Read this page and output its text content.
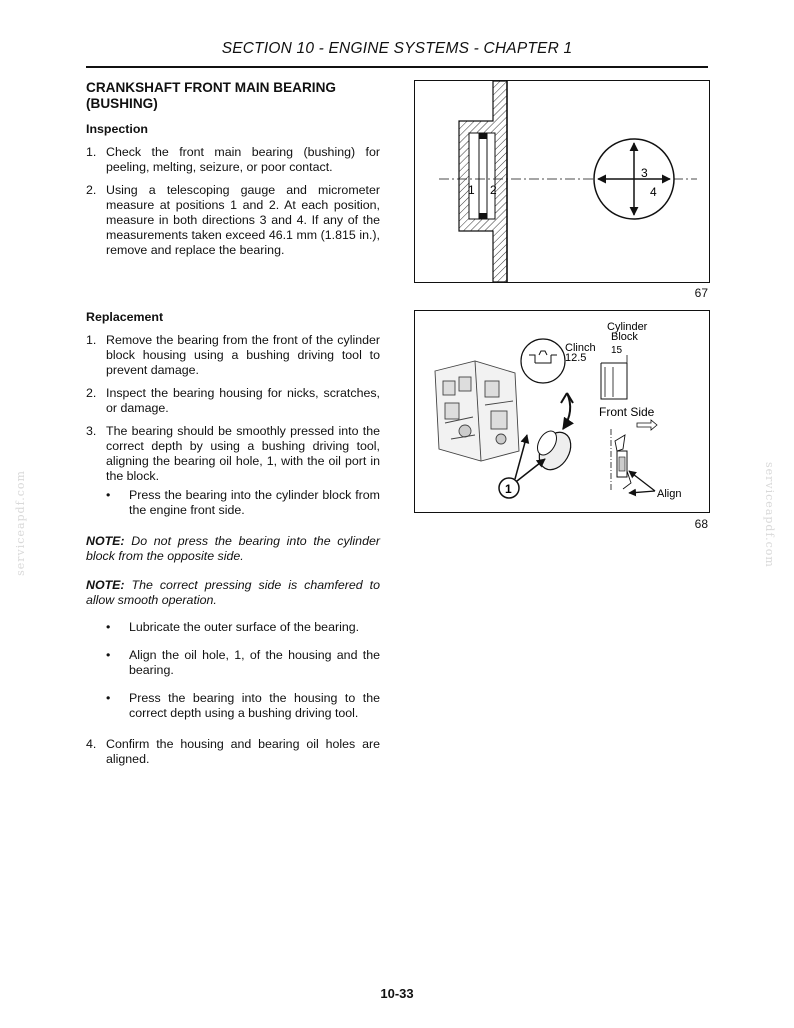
SECTION 10 - ENGINE SYSTEMS - CHAPTER 1

CRANKSHAFT FRONT MAIN BEARING

(BUSHING)

Inspection

1. Check the front main bearing (bushing) for peeling, melting, seizure, or poor contact.

2. Using a telescoping gauge and micrometer measure at positions 1 and 2. At each position, measure in both directions 3 and 4. If any of the measurements taken exceed 46.1 mm (1.815 in.), remove and replace the bearing.

1 2
3
4
67

Replacement

1. Remove the bearing from the front of the cylinder block housing using a bushing driving tool to prevent damage.

2. Inspect the bearing housing for nicks, scratches, or damage.

3. The bearing should be smoothly pressed into the correct depth by using a bushing driving tool, aligning the bearing oil hole, 1, with the oil port in the block.

• Press the bearing into the cylinder block from the engine front side.

NOTE: Do not press the bearing into the cylinder block from the opposite side.

NOTE: The correct pressing side is chamfered to allow smooth operation.

• Lubricate the outer surface of the bearing.

• Align the oil hole, 1, of the housing and the bearing.

• Press the bearing into the housing to the correct depth using a bushing driving tool.

4. Confirm the housing and bearing oil holes are aligned.

1
Cylinder
Block
Clinch
12.5
15
Front Side
Align
68
serviceapdf.com	serviceapdf.com
10-33
